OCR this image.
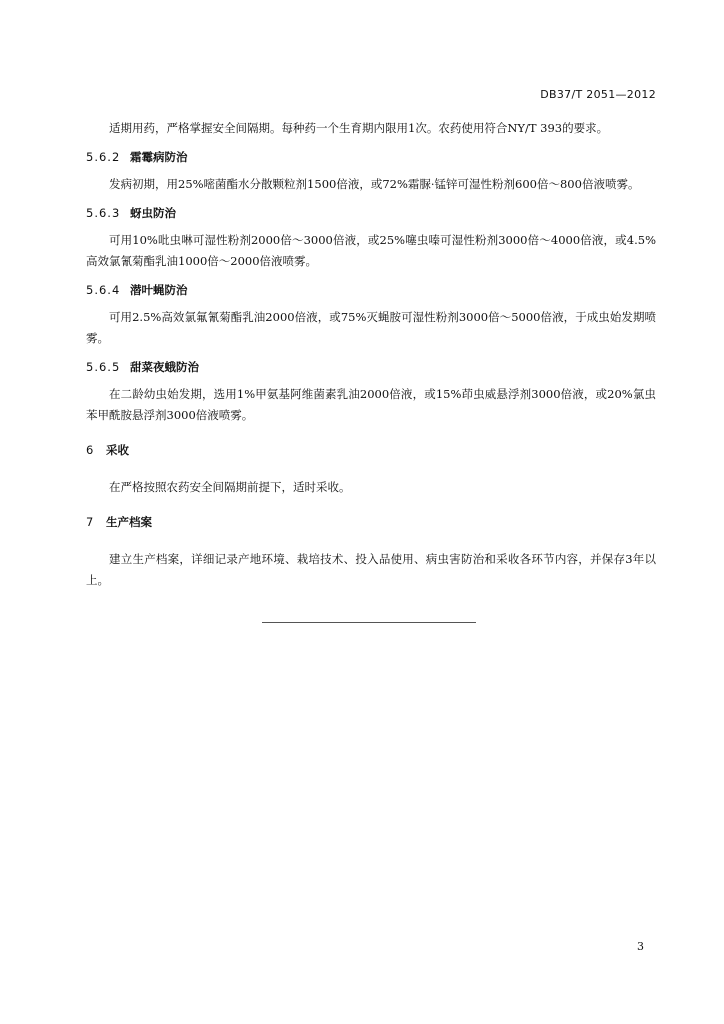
DB37/T 2051—2012

适期用药，严格掌握安全间隔期。每种药一个生育期内限用1次。农药使用符合NY/T 393的要求。

5.6.2 霜霉病防治

发病初期，用25%嘧菌酯水分散颗粒剂1500倍液，或72%霜脲·锰锌可湿性粉剂600倍～800倍液喷雾。

5.6.3 蚜虫防治

可用10%吡虫啉可湿性粉剂2000倍～3000倍液，或25%噻虫嗪可湿性粉剂3000倍～4000倍液，或4.5%高效氯氰菊酯乳油1000倍～2000倍液喷雾。

5.6.4 潜叶蝇防治

可用2.5%高效氯氟氰菊酯乳油2000倍液，或75%灭蝇胺可湿性粉剂3000倍～5000倍液，于成虫始发期喷雾。

5.6.5 甜菜夜蛾防治

在二龄幼虫始发期，选用1%甲氨基阿维菌素乳油2000倍液，或15%茚虫威悬浮剂3000倍液，或20%氯虫苯甲酰胺悬浮剂3000倍液喷雾。

6 采收

在严格按照农药安全间隔期前提下，适时采收。

7 生产档案

建立生产档案，详细记录产地环境、栽培技术、投入品使用、病虫害防治和采收各环节内容，并保存3年以上。

3
